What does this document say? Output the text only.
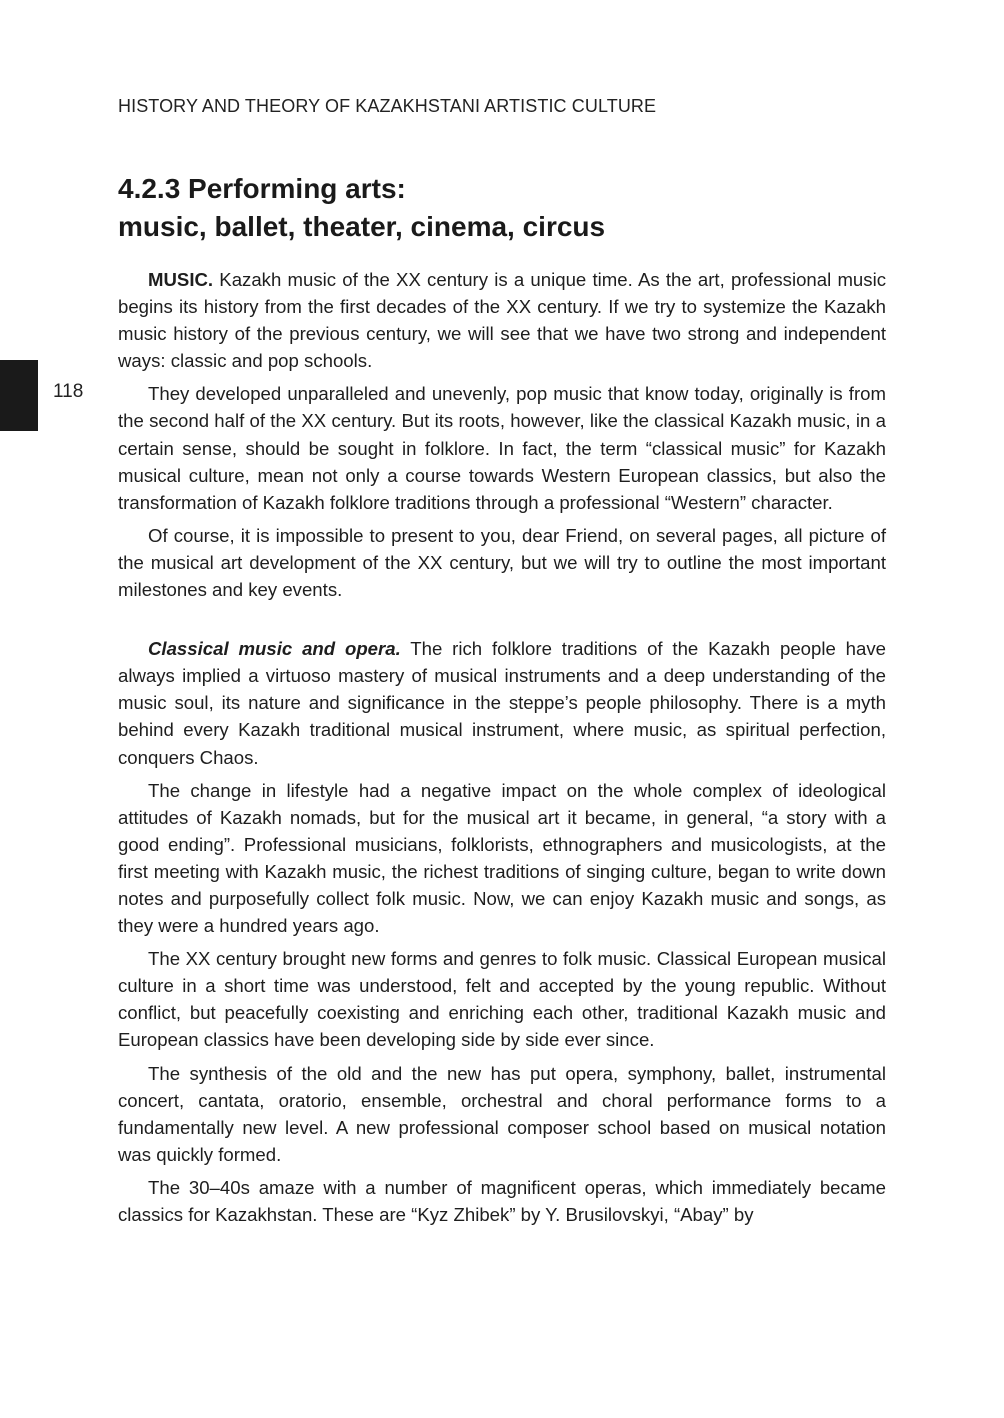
HISTORY AND THEORY OF KAZAKHSTANI ARTISTIC CULTURE
118
4.2.3 Performing arts:
music, ballet, theater, cinema, circus

MUSIC. Kazakh music of the XX century is a unique time. As the art, professional music begins its history from the first decades of the XX century. If we try to systemize the Kazakh music history of the previous century, we will see that we have two strong and independent ways: classic and pop schools.

They developed unparalleled and unevenly, pop music that know today, originally is from the second half of the XX century. But its roots, however, like the classical Kazakh music, in a certain sense, should be sought in folklore. In fact, the term “classical music” for Kazakh musical culture, mean not only a course towards Western European classics, but also the transformation of Kazakh folklore traditions through a professional “Western” character.

Of course, it is impossible to present to you, dear Friend, on several pages, all picture of the musical art development of the XX century, but we will try to outline the most important milestones and key events.

Classical music and opera. The rich folklore traditions of the Kazakh people have always implied a virtuoso mastery of musical instruments and a deep understanding of the music soul, its nature and significance in the steppe’s people philosophy. There is a myth behind every Kazakh traditional musical instrument, where music, as spiritual perfection, conquers Chaos.

The change in lifestyle had a negative impact on the whole complex of ideological attitudes of Kazakh nomads, but for the musical art it became, in general, “a story with a good ending”. Professional musicians, folklorists, ethnographers and musicologists, at the first meeting with Kazakh music, the richest traditions of singing culture, began to write down notes and purposefully collect folk music. Now, we can enjoy Kazakh music and songs, as they were a hundred years ago.

The XX century brought new forms and genres to folk music. Classical European musical culture in a short time was understood, felt and accepted by the young republic. Without conflict, but peacefully coexisting and enriching each other, traditional Kazakh music and European classics have been developing side by side ever since.

The synthesis of the old and the new has put opera, symphony, ballet, instrumental concert, cantata, oratorio, ensemble, orchestral and choral performance forms to a fundamentally new level. A new professional composer school based on musical notation was quickly formed.

The 30–40s amaze with a number of magnificent operas, which immediately became classics for Kazakhstan. These are “Kyz Zhibek” by Y. Brusilovskyi, “Abay” by
